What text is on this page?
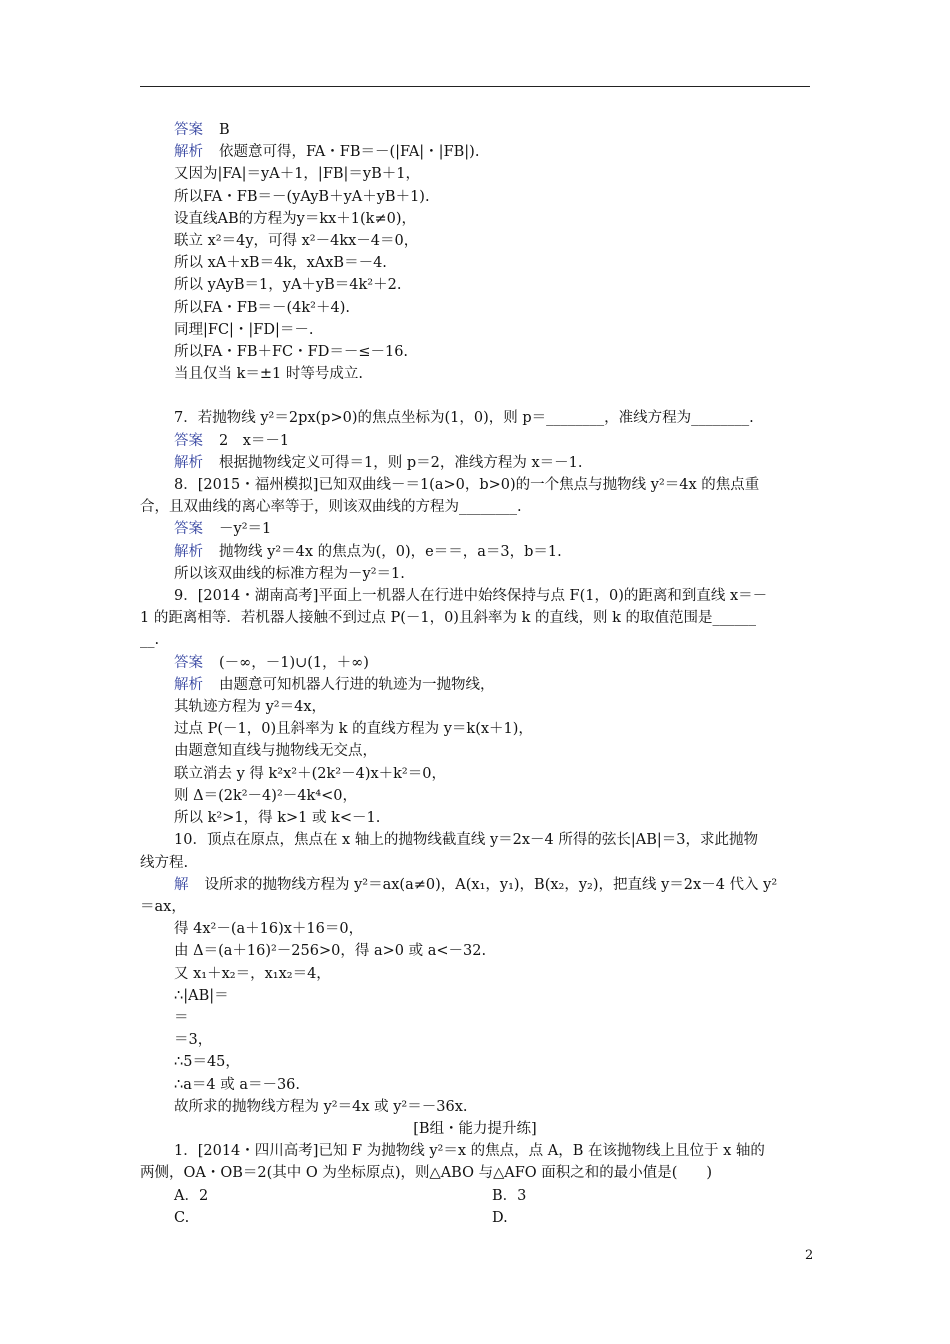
答案 B
解析 依题意可得，FA・FB＝－(|FA|・|FB|).
又因为|FA|＝yA＋1，|FB|＝yB＋1，
所以FA・FB＝－(yAyB＋yA＋yB＋1).
设直线AB的方程为y＝kx＋1(k≠0)，
联立 x²＝4y，可得 x²－4kx－4＝0，
所以 xA＋xB＝4k，xAxB＝－4.
所以 yAyB＝1，yA＋yB＝4k²＋2.
所以FA・FB＝－(4k²＋4).
同理|FC|・|FD|＝－.
所以FA・FB＋FC・FD＝－≤－16.
当且仅当 k＝±1 时等号成立.
7．若抛物线 y²＝2px(p>0)的焦点坐标为(1，0)，则 p＝________，准线方程为________.
答案 2　x＝－1
解析 根据抛物线定义可得＝1，则 p＝2，准线方程为 x＝－1.
8．[2015・福州模拟]已知双曲线－＝1(a>0，b>0)的一个焦点与抛物线 y²＝4x 的焦点重
合，且双曲线的离心率等于，则该双曲线的方程为________.
答案 －y²＝1
解析 抛物线 y²＝4x 的焦点为(，0)，e＝＝，a＝3，b＝1.
所以该双曲线的标准方程为－y²＝1.
9．[2014・湖南高考]平面上一机器人在行进中始终保持与点 F(1，0)的距离和到直线 x＝－
1 的距离相等．若机器人接触不到过点 P(－1，0)且斜率为 k 的直线，则 k 的取值范围是______
__.
答案 (－∞，－1)∪(1，＋∞)
解析 由题意可知机器人行进的轨迹为一抛物线，
其轨迹方程为 y²＝4x，
过点 P(－1，0)且斜率为 k 的直线方程为 y＝k(x＋1)，
由题意知直线与抛物线无交点，
联立消去 y 得 k²x²＋(2k²－4)x＋k²＝0，
则 Δ＝(2k²－4)²－4k⁴<0，
所以 k²>1，得 k>1 或 k<－1.
10．顶点在原点，焦点在 x 轴上的抛物线截直线 y＝2x－4 所得的弦长|AB|＝3，求此抛物
线方程.
解 设所求的抛物线方程为 y²＝ax(a≠0)，A(x₁，y₁)，B(x₂，y₂)，把直线 y＝2x－4 代入 y²
＝ax，
得 4x²－(a＋16)x＋16＝0，
由 Δ＝(a＋16)²－256>0，得 a>0 或 a<－32.
又 x₁＋x₂＝，x₁x₂＝4，
∴|AB|＝
＝
＝3，
∴5＝45，
∴a＝4 或 a＝－36.
故所求的抛物线方程为 y²＝4x 或 y²＝－36x.
[B组・能力提升练]
1．[2014・四川高考]已知 F 为抛物线 y²＝x 的焦点，点 A，B 在该抛物线上且位于 x 轴的
两侧，OA・OB＝2(其中 O 为坐标原点)，则△ABO 与△AFO 面积之和的最小值是(　　)
A．2	B．3
C.	D.
2
